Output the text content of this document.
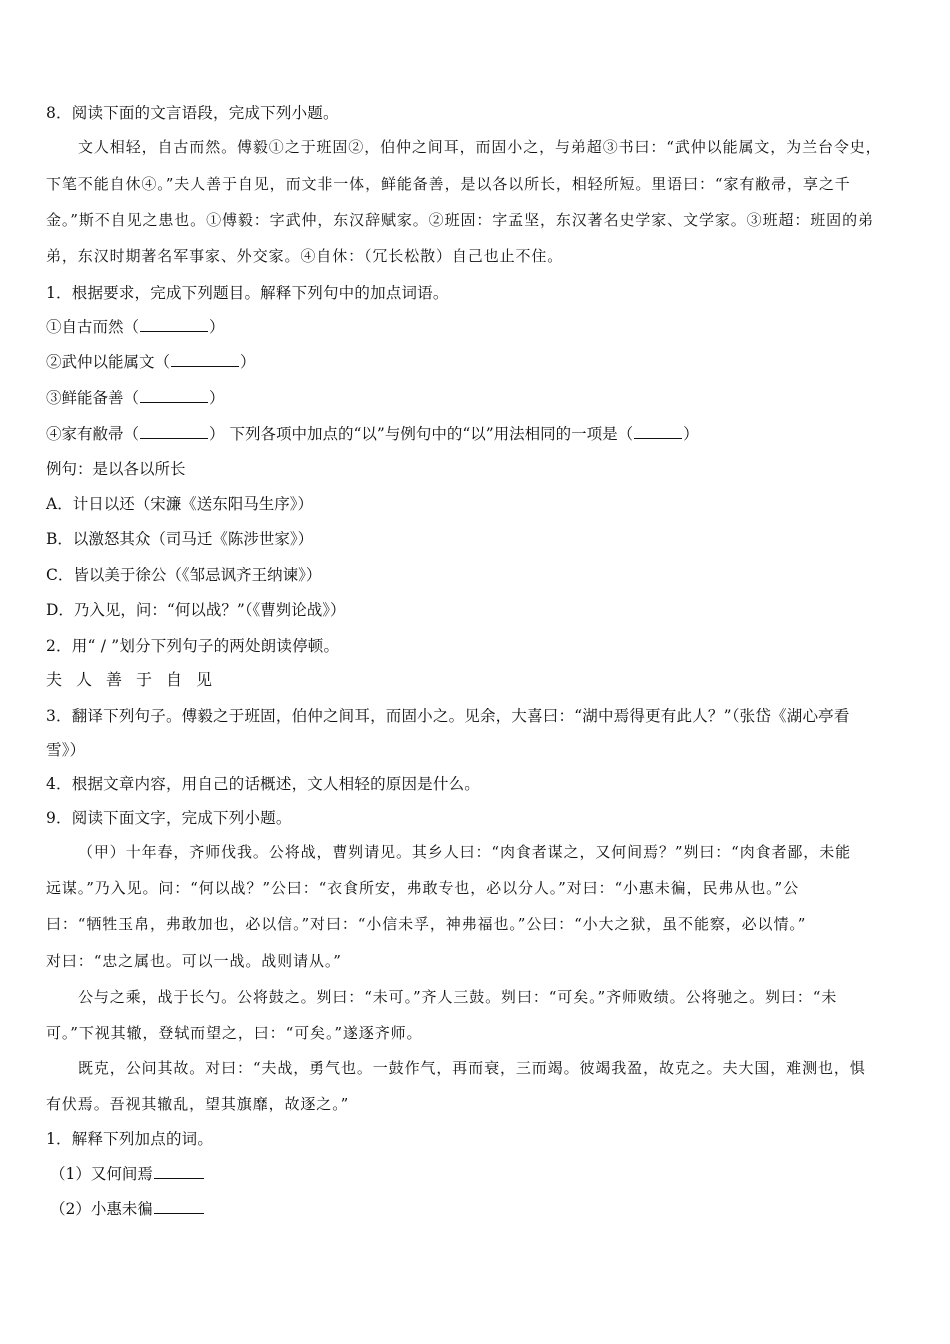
8．阅读下面的文言语段，完成下列小题。
文人相轻，自古而然。傅毅①之于班固②，伯仲之间耳，而固小之，与弟超③书曰：“武仲以能属文，为兰台令史，
下笔不能自休④。”夫人善于自见，而文非一体，鲜能备善，是以各以所长，相轻所短。里语曰：“家有敝帚，享之千
金。”斯不自见之患也。①傅毅：字武仲，东汉辞赋家。②班固：字孟坚，东汉著名史学家、文学家。③班超：班固的弟
弟，东汉时期著名军事家、外交家。④自休：（冗长松散）自己也止不住。
1．根据要求，完成下列题目。解释下列句中的加点词语。
①自古而然（	）
②武仲以能属文（	）
③鲜能备善（	）
④家有敝帚（	） 下列各项中加点的“以”与例句中的“以”用法相同的一项是（	）
例句：是以各以所长
A．计日以还（宋濂《送东阳马生序》）
B．以激怒其众（司马迁《陈涉世家》）
C．皆以美于徐公（《邹忌讽齐王纳谏》）
D．乃入见，问：“何以战？”（《曹刿论战》）
2．用“ / ”划分下列句子的两处朗读停顿。
夫人善于自见
3．翻译下列句子。傅毅之于班固，伯仲之间耳，而固小之。见余，大喜曰：“湖中焉得更有此人？”（张岱《湖心亭看
雪》）
4．根据文章内容，用自己的话概述，文人相轻的原因是什么。
9．阅读下面文字，完成下列小题。
（甲）十年春，齐师伐我。公将战，曹刿请见。其乡人曰：“肉食者谋之，又何间焉？”刿曰：“肉食者鄙，未能
远谋。”乃入见。问：“何以战？”公曰：“衣食所安，弗敢专也，必以分人。”对曰：“小惠未徧，民弗从也。”公
曰：“牺牲玉帛，弗敢加也，必以信。”对曰：“小信未孚，神弗福也。”公曰：“小大之狱，虽不能察，必以情。”
对曰：“忠之属也。可以一战。战则请从。”
公与之乘，战于长勺。公将鼓之。刿曰：“未可。”齐人三鼓。刿曰：“可矣。”齐师败绩。公将驰之。刿曰：“未
可。”下视其辙，登轼而望之，曰：“可矣。”遂逐齐师。
既克，公问其故。对曰：“夫战，勇气也。一鼓作气，再而衰，三而竭。彼竭我盈，故克之。夫大国，难测也，惧
有伏焉。吾视其辙乱，望其旗靡，故逐之。”
1．解释下列加点的词。
（1）又何间焉
（2）小惠未徧
